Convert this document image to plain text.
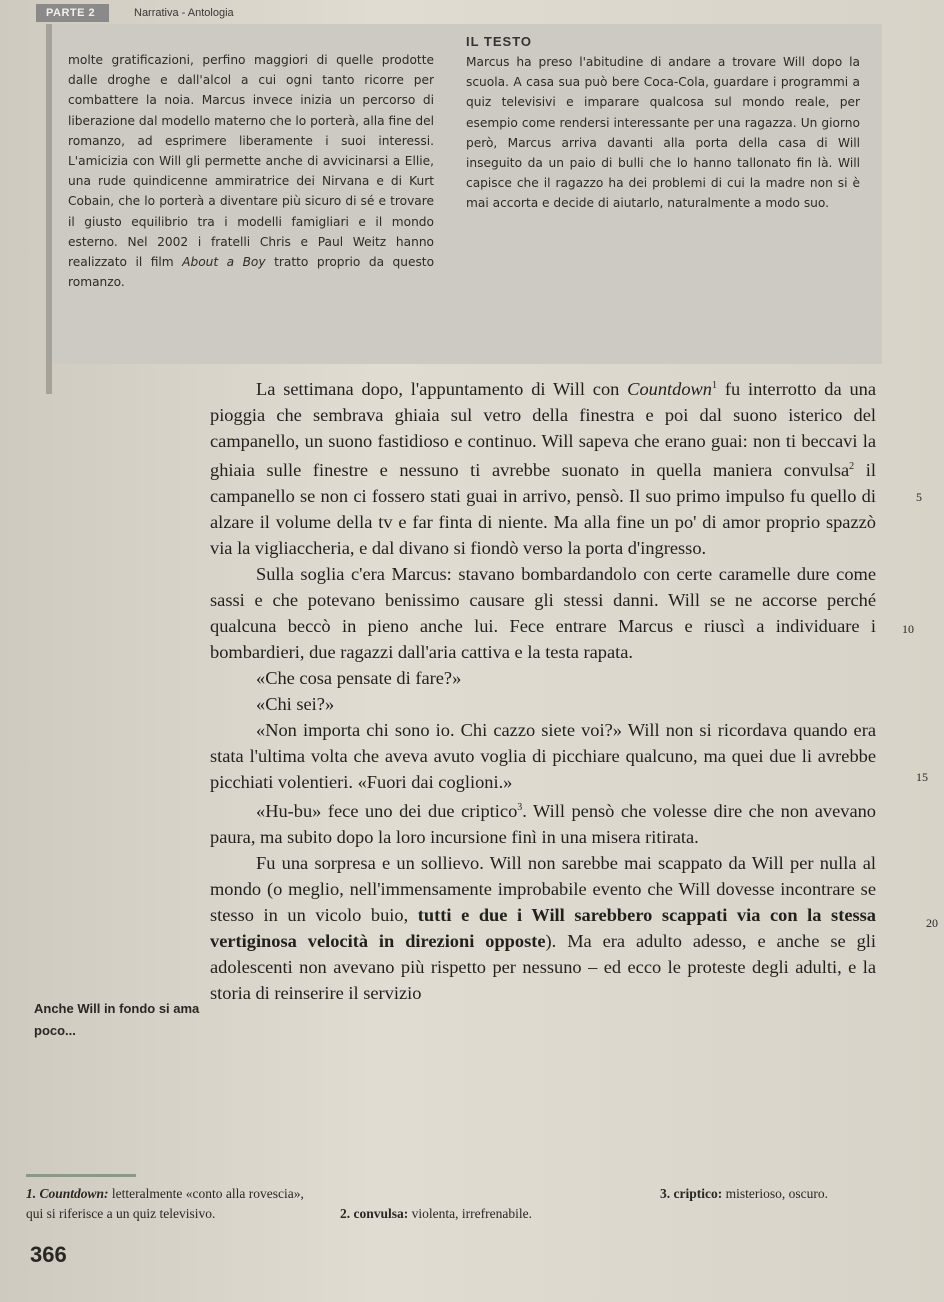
PARTE 2	Narrativa - Antologia

molte gratificazioni, perfino maggiori di quelle prodotte dalle droghe e dall'alcol a cui ogni tanto ricorre per combattere la noia. Marcus invece inizia un percorso di liberazione dal modello materno che lo porterà, alla fine del romanzo, ad esprimere liberamente i suoi interessi. L'amicizia con Will gli permette anche di avvicinarsi a Ellie, una rude quindicenne ammiratrice dei Nirvana e di Kurt Cobain, che lo porterà a diventare più sicuro di sé e trovare il giusto equilibrio tra i modelli famigliari e il mondo esterno. Nel 2002 i fratelli Chris e Paul Weitz hanno realizzato il film About a Boy tratto proprio da questo romanzo.

IL TESTO

Marcus ha preso l'abitudine di andare a trovare Will dopo la scuola. A casa sua può bere Coca-Cola, guardare i programmi a quiz televisivi e imparare qualcosa sul mondo reale, per esempio come rendersi interessante per una ragazza. Un giorno però, Marcus arriva davanti alla porta della casa di Will inseguito da un paio di bulli che lo hanno tallonato fin là. Will capisce che il ragazzo ha dei problemi di cui la madre non si è mai accorta e decide di aiutarlo, naturalmente a modo suo.

La settimana dopo, l'appuntamento di Will con Countdown$^1$ fu interrotto da una pioggia che sembrava ghiaia sul vetro della finestra e poi dal suono isterico del campanello, un suono fastidioso e continuo. Will sapeva che erano guai: non ti beccavi la ghiaia sulle finestre e nessuno ti avrebbe suonato in quella maniera convulsa$^2$ il campanello se non ci fossero stati guai in arrivo, pensò. Il suo primo impulso fu quello di alzare il volume della tv e far finta di niente. Ma alla fine un po' di amor proprio spazzò via la vigliaccheria, e dal divano si fiondò verso la porta d'ingresso.

Sulla soglia c'era Marcus: stavano bombardandolo con certe caramelle dure come sassi e che potevano benissimo causare gli stessi danni. Will se ne accorse perché qualcuna beccò in pieno anche lui. Fece entrare Marcus e riuscì a individuare i bombardieri, due ragazzi dall'aria cattiva e la testa rapata.

«Che cosa pensate di fare?»

«Chi sei?»

«Non importa chi sono io. Chi cazzo siete voi?» Will non si ricordava quando era stata l'ultima volta che aveva avuto voglia di picchiare qualcuno, ma quei due li avrebbe picchiati volentieri. «Fuori dai coglioni.»

«Hu-bu» fece uno dei due criptico$^3$. Will pensò che volesse dire che non avevano paura, ma subito dopo la loro incursione finì in una misera ritirata.

Fu una sorpresa e un sollievo. Will non sarebbe mai scappato da Will per nulla al mondo (o meglio, nell'immensamente improbabile evento che Will dovesse incontrare se stesso in un vicolo buio, tutti e due i Will sarebbero scappati via con la stessa vertiginosa velocità in direzioni opposte). Ma era adulto adesso, e anche se gli adolescenti non avevano più rispetto per nessuno – ed ecco le proteste degli adulti, e la storia di reinserire il servizio

5
10
15
20
Anche Will in fondo si ama poco...
1. Countdown: letteralmente «conto alla rovescia», qui si riferisce a un quiz televisivo.	2. convulsa: violenta, irrefrenabile.
3. criptico: misterioso, oscuro.
366
